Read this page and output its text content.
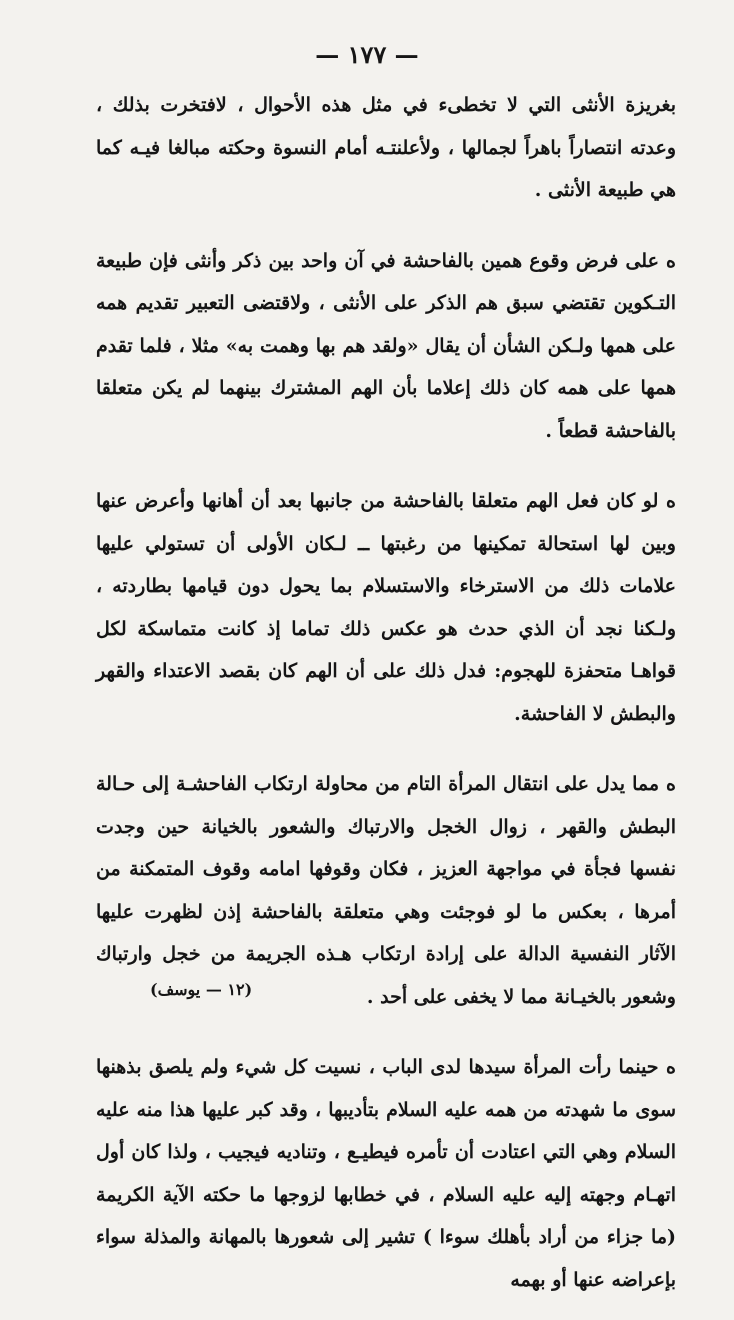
— ١٧٧ —

بغريزة الأنثى التي لا تخطىء في مثل هذه الأحوال ، لافتخرت بذلك ، وعدته انتصاراً باهراً لجمالها ، ولأعلنتـه أمام النسوة وحكته مبالغا فيـه كما هي طبيعة الأنثى .

ه على فرض وقوع همين بالفاحشة في آن واحد بين ذكر وأنثى فإن طبيعة التـكوين تقتضي سبق هم الذكر على الأنثى ، ولاقتضى التعبير تقديم همه على همها ولـكن الشأن أن يقال «ولقد هم بها وهمت به» مثلا ، فلما تقدم همها على همه كان ذلك إعلاما بأن الهم المشترك بينهما لم يكن متعلقا بالفاحشة قطعاً .

ه لو كان فعل الهم متعلقا بالفاحشة من جانبها بعد أن أهانها وأعرض عنها وبين لها استحالة تمكينها من رغبتها ــ لـكان الأولى أن تستولي عليها علامات ذلك من الاسترخاء والاستسلام بما يحول دون قيامها بطاردته ، ولـكنا نجد أن الذي حدث هو عكس ذلك تماما إذ كانت متماسكة لكل قواهـا متحفزة للهجوم: فدل ذلك على أن الهم كان بقصد الاعتداء والقهر والبطش لا الفاحشة.

ه مما يدل على انتقال المرأة التام من محاولة ارتكاب الفاحشـة إلى حـالة البطش والقهر ، زوال الخجل والارتباك والشعور بالخيانة حين وجدت نفسها فجأة في مواجهة العزيز ، فكان وقوفها امامه وقوف المتمكنة من أمرها ، بعكس ما لو فوجئت وهي متعلقة بالفاحشة إذن لظهرت عليها الآثار النفسية الدالة على إرادة ارتكاب هـذه الجريمة من خجل وارتباك وشعور بالخيـانة مما لا يخفى على أحد .

ه حينما رأت المرأة سيدها لدى الباب ، نسيت كل شيء ولم يلصق بذهنها سوى ما شهدته من همه عليه السلام بتأديبها ، وقد كبر عليها هذا منه عليه السلام وهي التي اعتادت أن تأمره فيطيـع ، وتناديه فيجيب ، ولذا كان أول اتهـام وجهته إليه عليه السلام ، في خطابها لزوجها ما حكته الآية الكريمة (ما جزاء من أراد بأهلك سوءا ) تشير إلى شعورها بالمهانة والمذلة سواء بإعراضه عنها أو بهمه

(١٢ — يوسف)
